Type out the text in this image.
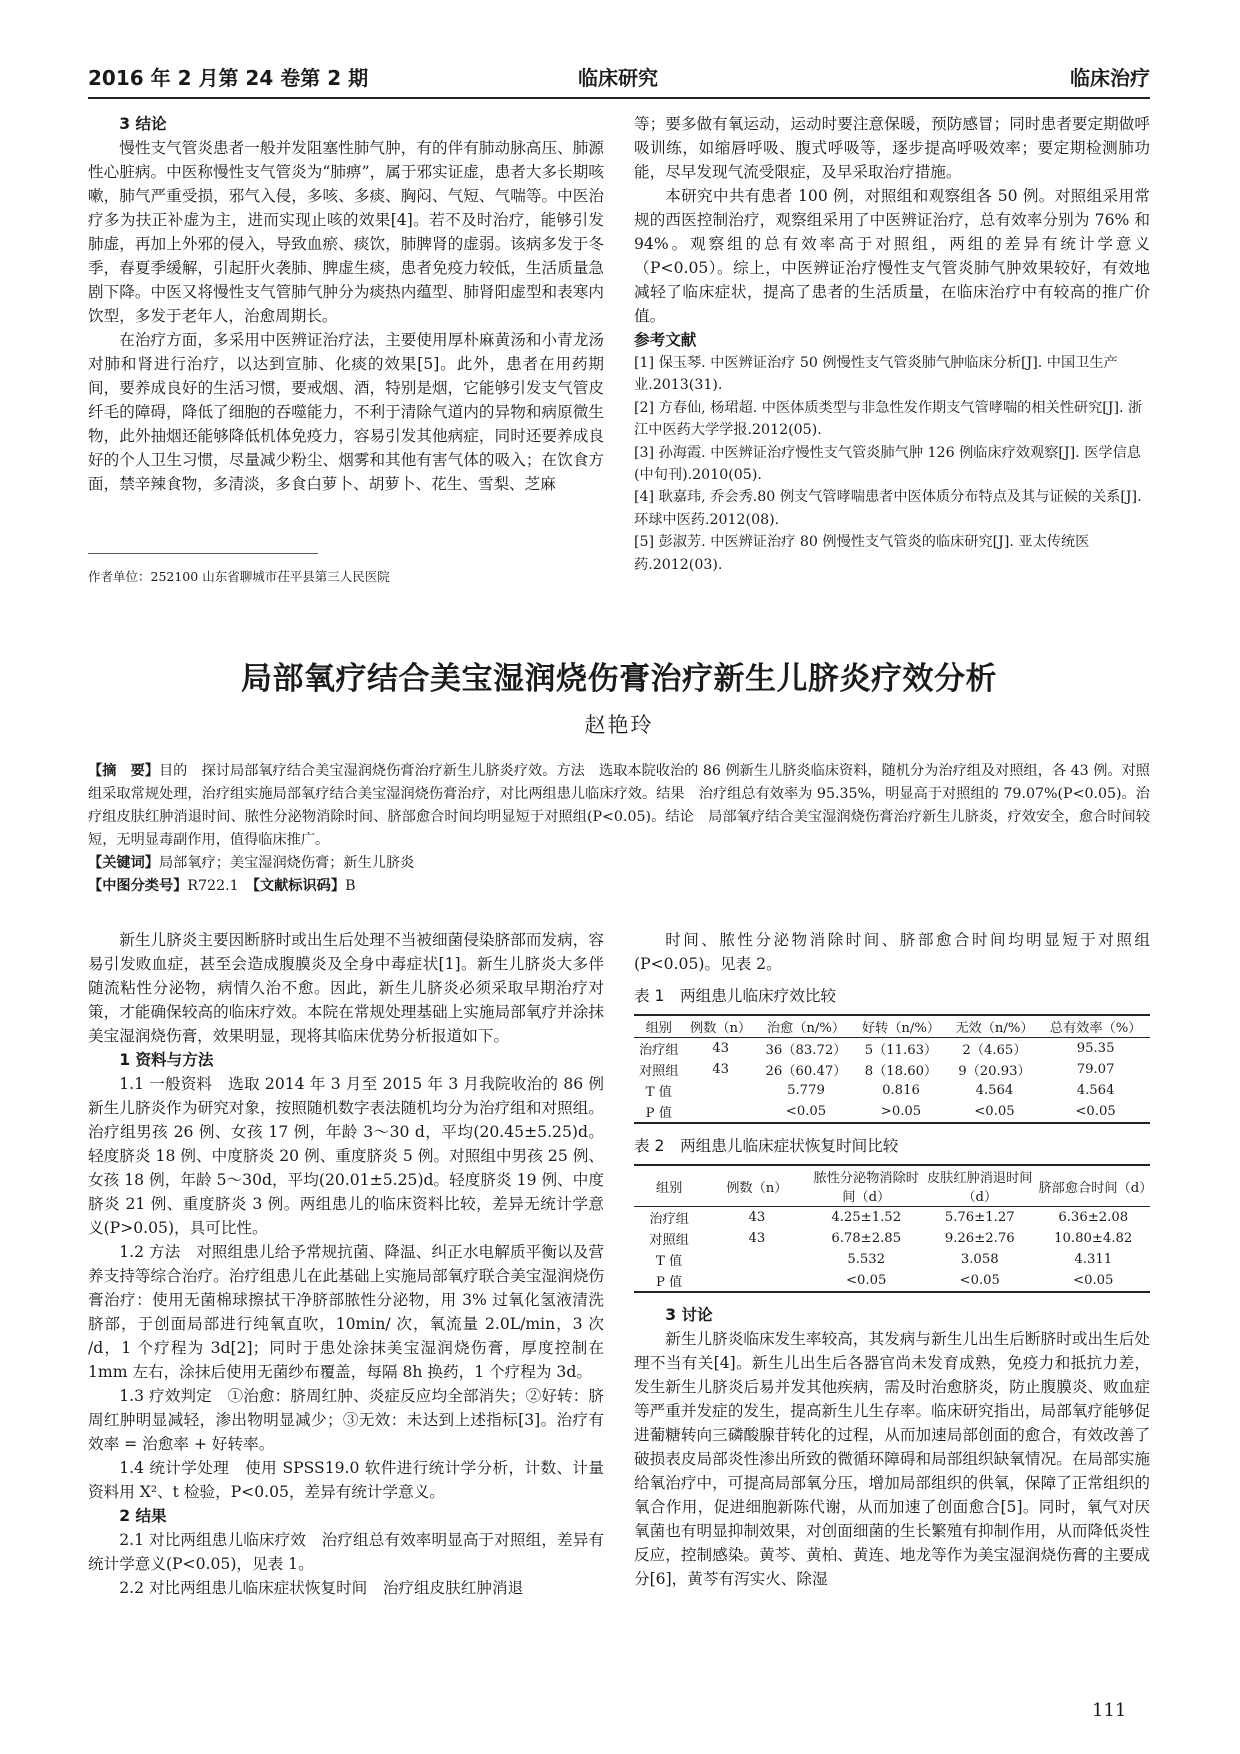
2016 年 2 月第 24 卷第 2 期	临床研究	临床治疗

3 结论

慢性支气管炎患者一般并发阻塞性肺气肿，有的伴有肺动脉高压、肺源性心脏病。中医称慢性支气管炎为“肺痹”，属于邪实证虚，患者大多长期咳嗽，肺气严重受损，邪气入侵，多咳、多痰、胸闷、气短、气喘等。中医治疗多为扶正补虚为主，进而实现止咳的效果[4]。若不及时治疗，能够引发肺虚，再加上外邪的侵入，导致血瘀、痰饮，肺脾肾的虚弱。该病多发于冬季，春夏季缓解，引起肝火袭肺、脾虚生痰，患者免疫力较低，生活质量急剧下降。中医又将慢性支气管肺气肿分为痰热内蕴型、肺肾阳虚型和表寒内饮型，多发于老年人，治愈周期长。

在治疗方面，多采用中医辨证治疗法，主要使用厚朴麻黄汤和小青龙汤对肺和肾进行治疗，以达到宣肺、化痰的效果[5]。此外，患者在用药期间，要养成良好的生活习惯，要戒烟、酒，特别是烟，它能够引发支气管皮纤毛的障碍，降低了细胞的吞噬能力，不利于清除气道内的异物和病原微生物，此外抽烟还能够降低机体免疫力，容易引发其他病症，同时还要养成良好的个人卫生习惯，尽量减少粉尘、烟雾和其他有害气体的吸入；在饮食方面，禁辛辣食物，多清淡，多食白萝卜、胡萝卜、花生、雪梨、芝麻

等；要多做有氧运动，运动时要注意保暖，预防感冒；同时患者要定期做呼吸训练，如缩唇呼吸、腹式呼吸等，逐步提高呼吸效率；要定期检测肺功能，尽早发现气流受限症，及早采取治疗措施。

本研究中共有患者 100 例，对照组和观察组各 50 例。对照组采用常规的西医控制治疗，观察组采用了中医辨证治疗，总有效率分别为 76% 和 94%。观察组的总有效率高于对照组，两组的差异有统计学意义（P<0.05）。综上，中医辨证治疗慢性支气管炎肺气肿效果较好，有效地减轻了临床症状，提高了患者的生活质量，在临床治疗中有较高的推广价值。

参考文献

[1] 保玉琴. 中医辨证治疗 50 例慢性支气管炎肺气肿临床分析[J]. 中国卫生产业.2013(31).

[2] 方春仙, 杨珺超. 中医体质类型与非急性发作期支气管哮喘的相关性研究[J]. 浙江中医药大学学报.2012(05).

[3] 孙海霞. 中医辨证治疗慢性支气管炎肺气肿 126 例临床疗效观察[J]. 医学信息(中旬刊).2010(05).

[4] 耿嘉玮, 乔会秀.80 例支气管哮喘患者中医体质分布特点及其与证候的关系[J]. 环球中医药.2012(08).

[5] 彭淑芳. 中医辨证治疗 80 例慢性支气管炎的临床研究[J]. 亚太传统医药.2012(03).

作者单位：252100 山东省聊城市茌平县第三人民医院
局部氧疗结合美宝湿润烧伤膏治疗新生儿脐炎疗效分析
赵艳玲

【摘　要】目的　探讨局部氧疗结合美宝湿润烧伤膏治疗新生儿脐炎疗效。方法　选取本院收治的 86 例新生儿脐炎临床资料，随机分为治疗组及对照组，各 43 例。对照组采取常规处理，治疗组实施局部氧疗结合美宝湿润烧伤膏治疗，对比两组患儿临床疗效。结果　治疗组总有效率为 95.35%，明显高于对照组的 79.07%(P<0.05)。治疗组皮肤红肿消退时间、脓性分泌物消除时间、脐部愈合时间均明显短于对照组(P<0.05)。结论　局部氧疗结合美宝湿润烧伤膏治疗新生儿脐炎，疗效安全，愈合时间较短，无明显毒副作用，值得临床推广。

【关键词】局部氧疗；美宝湿润烧伤膏；新生儿脐炎

【中图分类号】R722.1　 【文献标识码】B

新生儿脐炎主要因断脐时或出生后处理不当被细菌侵染脐部而发病，容易引发败血症，甚至会造成腹膜炎及全身中毒症状[1]。新生儿脐炎大多伴随流粘性分泌物，病情久治不愈。因此，新生儿脐炎必须采取早期治疗对策，才能确保较高的临床疗效。本院在常规处理基础上实施局部氧疗并涂抹美宝湿润烧伤膏，效果明显，现将其临床优势分析报道如下。

1 资料与方法

1.1 一般资料　选取 2014 年 3 月至 2015 年 3 月我院收治的 86 例新生儿脐炎作为研究对象，按照随机数字表法随机均分为治疗组和对照组。治疗组男孩 26 例、女孩 17 例，年龄 3～30 d，平均(20.45±5.25)d。轻度脐炎 18 例、中度脐炎 20 例、重度脐炎 5 例。对照组中男孩 25 例、女孩 18 例，年龄 5～30d，平均(20.01±5.25)d。轻度脐炎 19 例、中度脐炎 21 例、重度脐炎 3 例。两组患儿的临床资料比较，差异无统计学意义(P>0.05)，具可比性。

1.2 方法　对照组患儿给予常规抗菌、降温、纠正水电解质平衡以及营养支持等综合治疗。治疗组患儿在此基础上实施局部氧疗联合美宝湿润烧伤膏治疗：使用无菌棉球擦拭干净脐部脓性分泌物，用 3% 过氧化氢液清洗脐部，于创面局部进行纯氧直吹，10min/ 次，氧流量 2.0L/min，3 次 /d，1 个疗程为 3d[2]；同时于患处涂抹美宝湿润烧伤膏，厚度控制在 1mm 左右，涂抹后使用无菌纱布覆盖，每隔 8h 换药，1 个疗程为 3d。

1.3 疗效判定　①治愈：脐周红肿、炎症反应均全部消失；②好转：脐周红肿明显减轻，渗出物明显减少；③无效：未达到上述指标[3]。治疗有效率 = 治愈率 + 好转率。

1.4 统计学处理　使用 SPSS19.0 软件进行统计学分析，计数、计量资料用 X²、t 检验，P<0.05，差异有统计学意义。

2 结果

2.1 对比两组患儿临床疗效　治疗组总有效率明显高于对照组，差异有统计学意义(P<0.05)，见表 1。

2.2 对比两组患儿临床症状恢复时间　治疗组皮肤红肿消退

时间、脓性分泌物消除时间、脐部愈合时间均明显短于对照组(P<0.05)。见表 2。

表 1　两组患儿临床疗效比较

组别	例数（n）	治愈（n/%）	好转（n/%）	无效（n/%）	总有效率（%）
治疗组	43	36（83.72）	5（11.63）	2（4.65）	95.35
对照组	43	26（60.47）	8（18.60）	9（20.93）	79.07
T 值		5.779	0.816	4.564	4.564
P 值		<0.05	>0.05	<0.05	<0.05

表 2　两组患儿临床症状恢复时间比较

组别	例数（n）	脓性分泌物消除时间（d）	皮肤红肿消退时间（d）	脐部愈合时间（d）
治疗组	43	4.25±1.52	5.76±1.27	6.36±2.08
对照组	43	6.78±2.85	9.26±2.76	10.80±4.82
T 值		5.532	3.058	4.311
P 值		<0.05	<0.05	<0.05

3 讨论

新生儿脐炎临床发生率较高，其发病与新生儿出生后断脐时或出生后处理不当有关[4]。新生儿出生后各器官尚未发育成熟，免疫力和抵抗力差，发生新生儿脐炎后易并发其他疾病，需及时治愈脐炎，防止腹膜炎、败血症等严重并发症的发生，提高新生儿生存率。临床研究指出，局部氧疗能够促进葡糖转向三磷酸腺苷转化的过程，从而加速局部创面的愈合，有效改善了破损表皮局部炎性渗出所致的微循环障碍和局部组织缺氧情况。在局部实施给氧治疗中，可提高局部氧分压，增加局部组织的供氧，保障了正常组织的氧合作用，促进细胞新陈代谢，从而加速了创面愈合[5]。同时，氧气对厌氧菌也有明显抑制效果，对创面细菌的生长繁殖有抑制作用，从而降低炎性反应，控制感染。黄芩、黄柏、黄连、地龙等作为美宝湿润烧伤膏的主要成分[6]，黄芩有泻实火、除湿

111
